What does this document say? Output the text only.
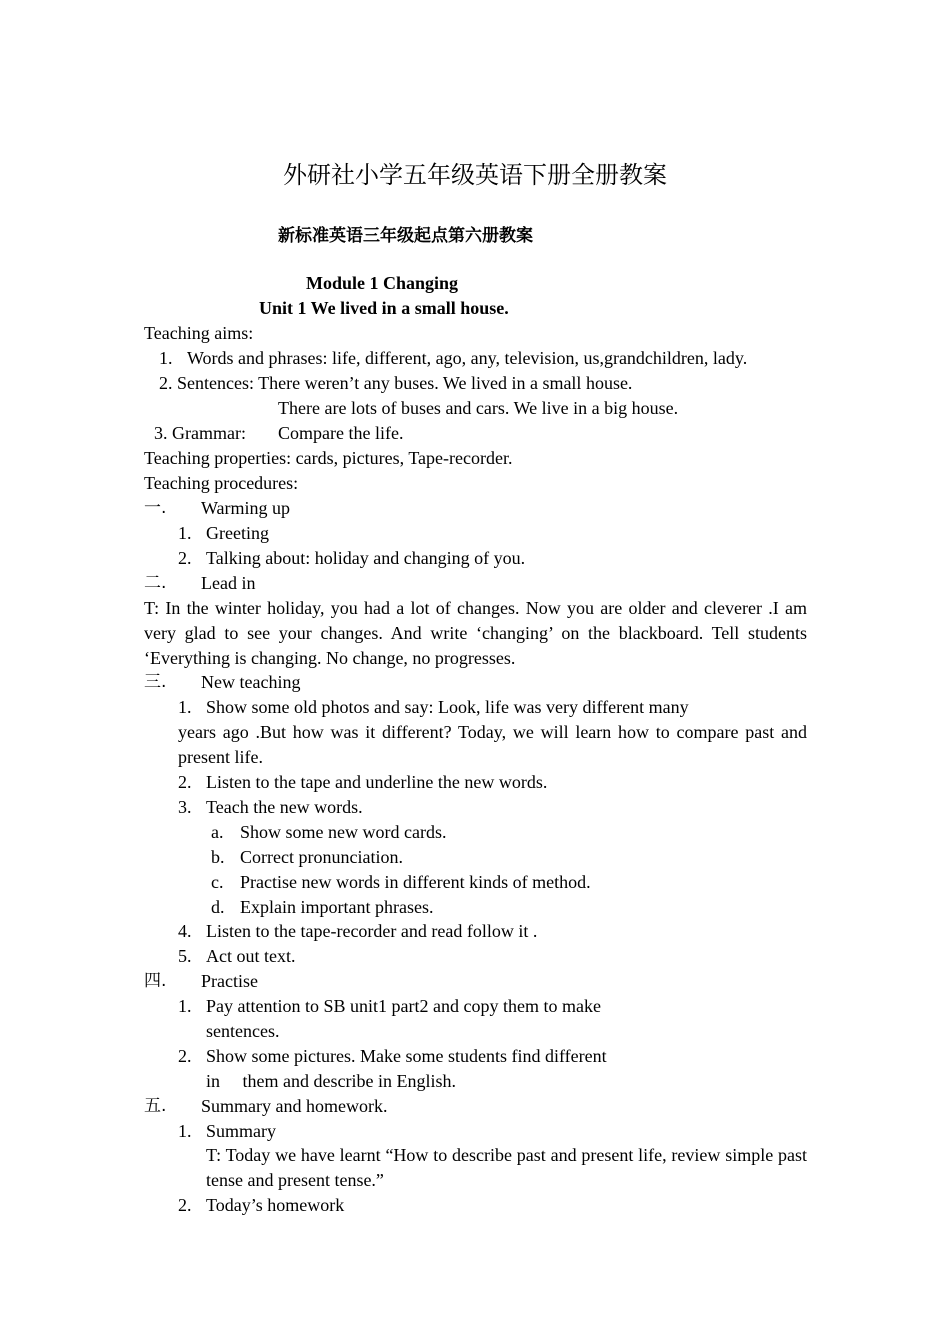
外研社小学五年级英语下册全册教案
新标准英语三年级起点第六册教案
Module 1 Changing
Unit 1 We lived in a small house.
Teaching aims:
1. Words and phrases: life, different, ago, any, television, us,grandchildren, lady.
2. Sentences: There weren’t any buses. We lived in a small house.
There are lots of buses and cars. We live in a big house.
3. Grammar: Compare the life.
Teaching properties: cards, pictures, Tape-recorder.
Teaching procedures:
一. Warming up
1. Greeting
2. Talking about: holiday and changing of you.
二. Lead in
T: In the winter holiday, you had a lot of changes. Now you are older and cleverer .I am very glad to see your changes. And write ‘changing’ on the blackboard. Tell students ‘Everything is changing. No change, no progresses.
三. New teaching
1. Show some old photos and say: Look, life was very different many
years ago .But how was it different? Today, we will learn how to compare past and present life.
2. Listen to the tape and underline the new words.
3. Teach the new words.
a. Show some new word cards.
b. Correct pronunciation.
c. Practise new words in different kinds of method.
d. Explain important phrases.
4. Listen to the tape-recorder and read follow it .
5. Act out text.
四. Practise
1. Pay attention to SB unit1 part2 and copy them to make
sentences.
2. Show some pictures. Make some students find different
in     them and describe in English.
五. Summary and homework.
1. Summary
T: Today we have learnt “How to describe past and present life, review simple past tense and present tense.”
2. Today’s homework
